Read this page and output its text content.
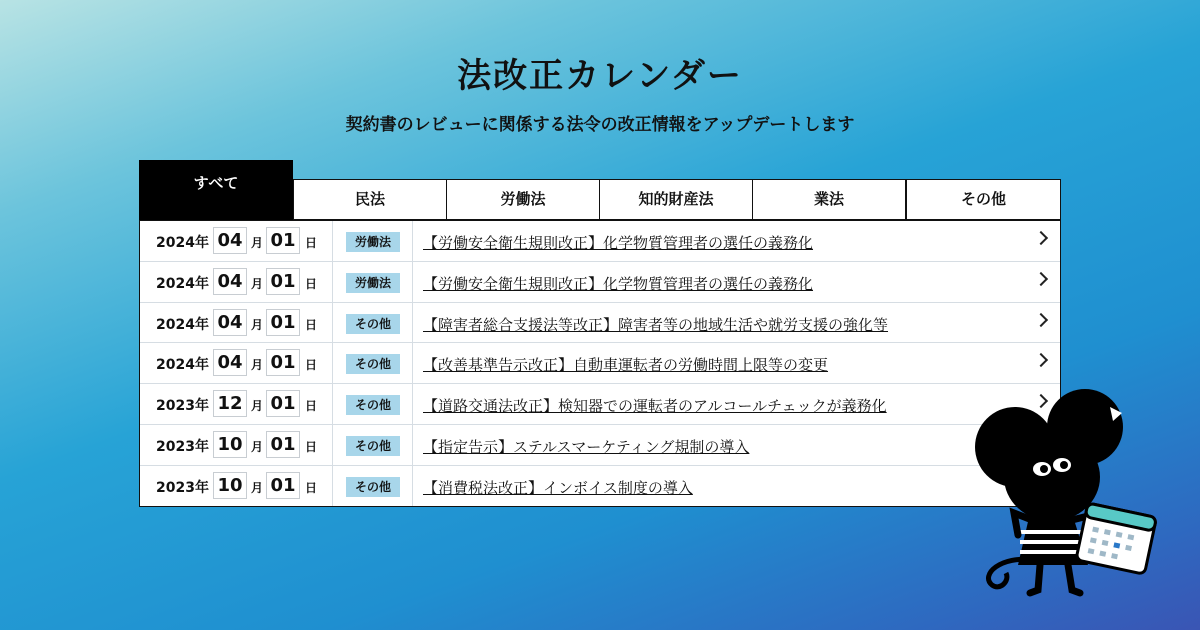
法改正カレンダー
契約書のレビューに関係する法令の改正情報をアップデートします
すべて
民法	労働法	知的財産法	業法	その他
2024年 04 月 01 日	労働法	【労働安全衛生規則改正】化学物質管理者の選任の義務化
2024年 04 月 01 日	労働法	【労働安全衛生規則改正】化学物質管理者の選任の義務化
2024年 04 月 01 日	その他	【障害者総合支援法等改正】障害者等の地域生活や就労支援の強化等
2024年 04 月 01 日	その他	【改善基準告示改正】自動車運転者の労働時間上限等の変更
2023年 12 月 01 日	その他	【道路交通法改正】検知器での運転者のアルコールチェックが義務化
2023年 10 月 01 日	その他	【指定告示】ステルスマーケティング規制の導入
2023年 10 月 01 日	その他	【消費税法改正】インボイス制度の導入
